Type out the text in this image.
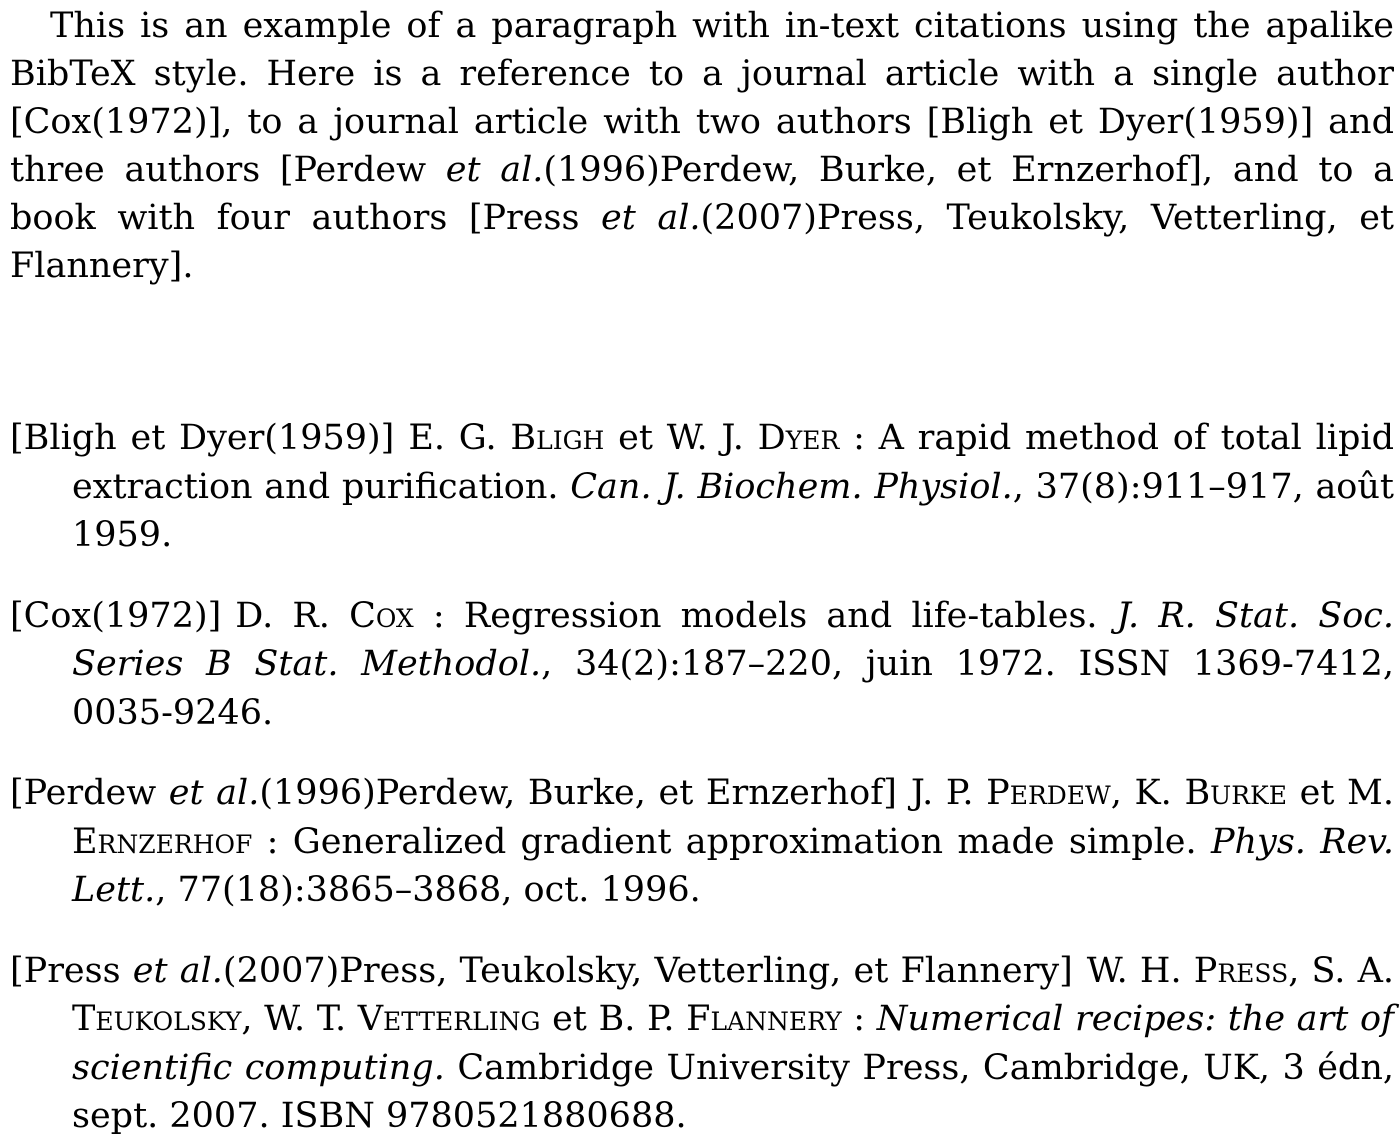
This is an example of a paragraph with in-text citations using the apalike BibTeX style. Here is a reference to a journal article with a single author [Cox(1972)], to a journal article with two authors [Bligh et Dyer(1959)] and three authors [Perdew et al.(1996)Perdew, Burke, et Ernzerhof], and to a book with four authors [Press et al.(2007)Press, Teukolsky, Vetterling, et Flannery].

[Bligh et Dyer(1959)] E. G. Bligh et W. J. Dyer : A rapid method of total lipid extraction and purification. Can. J. Biochem. Physiol., 37(8):911–917, août 1959.

[Cox(1972)] D. R. Cox : Regression models and life-tables. J. R. Stat. Soc. Series B Stat. Methodol., 34(2):187–220, juin 1972. ISSN 1369-7412, 0035-9246.

[Perdew et al.(1996)Perdew, Burke, et Ernzerhof] J. P. Perdew, K. Burke et M. Ernzerhof : Generalized gradient approximation made simple. Phys. Rev. Lett., 77(18):3865–3868, oct. 1996.

[Press et al.(2007)Press, Teukolsky, Vetterling, et Flannery] W. H. Press, S. A. Teukolsky, W. T. Vetterling et B. P. Flannery : Numerical recipes: the art of scientific computing. Cambridge University Press, Cambridge, UK, 3 édn, sept. 2007. ISBN 9780521880688.
